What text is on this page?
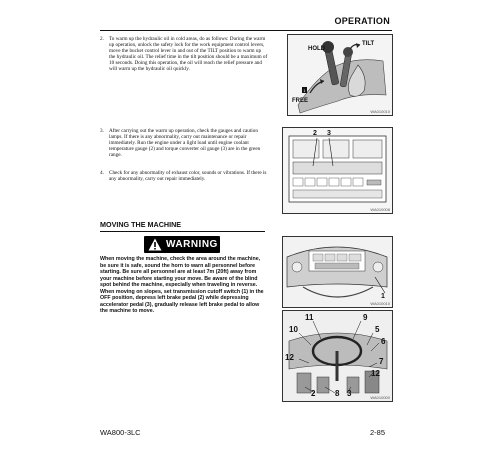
OPERATION
2. To warm up the hydraulic oil in cold areas, do as follows: During the warm up operation, unlock the safety lock for the work equipment control levers, move the bucket control lever in and out of the TILT position to warm up the hydraulic oil. The relief time in the tilt position should be a maximum of 10 seconds. Doing this operation, the oil will reach the relief pressure and will warm up the hydraulic oil quickly.
1
HOLD
TILT
FREE
WA010010
3. After carrying out the warm up operation, check the gauges and caution lamps. If there is any abnormality, carry out maintenance or repair immediately. Run the engine under a light load until engine coolant temperature gauge (2) and torque converter oil gauge (3) are in the green range.
4. Check for any abnormality of exhaust color, sounds or vibrations. If there is any abnormality, carry out repair immediately.
2 3
WA010008
MOVING THE MACHINE
WARNING
When moving the machine, check the area around the machine, be sure it is safe, sound the horn to warn all personnel before starting. Be sure all personnel are at least 7m (20ft) away from your machine before starting your move. Be aware of the blind spot behind the machine, especially when traveling in reverse. When moving on slopes, set transmission cutoff switch (1) in the OFF position, depress left brake pedal (2) while depressing accelerator pedal (3), gradually release left brake pedal to allow the machine to move.
1
WA010010
11	9
10	5
6
12	7
12
2 8 3	WA010000
WA800-3LC	2-85
